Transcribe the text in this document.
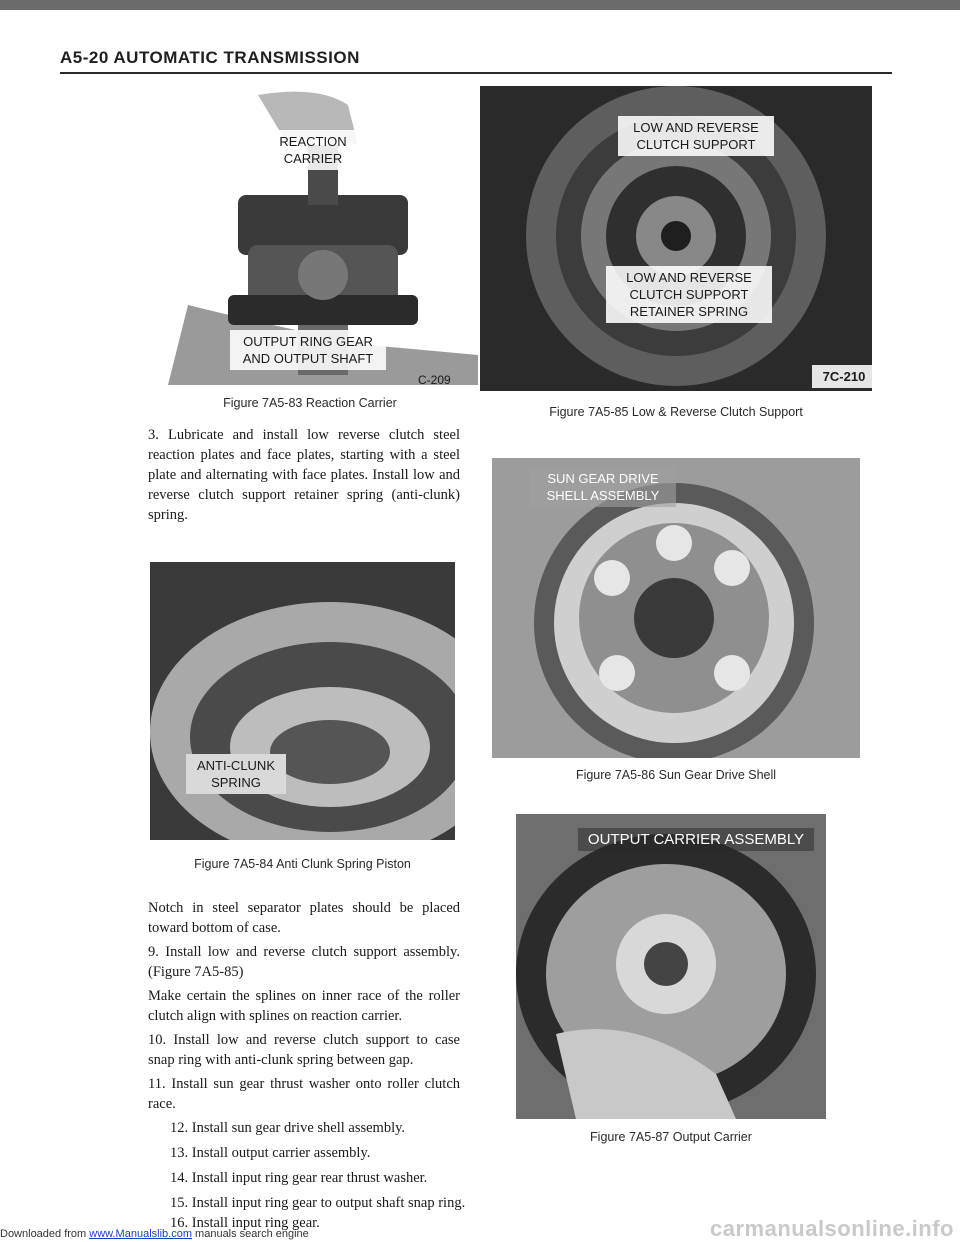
A5-20 AUTOMATIC TRANSMISSION
REACTION CARRIER
OUTPUT RING GEAR AND OUTPUT SHAFT
C-209
Figure 7A5-83 Reaction Carrier
LOW AND REVERSE CLUTCH SUPPORT
LOW AND REVERSE CLUTCH SUPPORT RETAINER SPRING
7C-210
Figure 7A5-85 Low & Reverse Clutch Support
3. Lubricate and install low reverse clutch steel reaction plates and face plates, starting with a steel plate and alternating with face plates. Install low and reverse clutch support retainer spring (anti-clunk) spring.
ANTI-CLUNK SPRING
Figure 7A5-84 Anti Clunk Spring Piston
Notch in steel separator plates should be placed toward bottom of case.
9. Install low and reverse clutch support assembly. (Figure 7A5-85)
Make certain the splines on inner race of the roller clutch align with splines on reaction carrier.
10. Install low and reverse clutch support to case snap ring with anti-clunk spring between gap.
11. Install sun gear thrust washer onto roller clutch race.
12. Install sun gear drive shell assembly.
13. Install output carrier assembly.
14. Install input ring gear rear thrust washer.
15. Install input ring gear to output shaft snap ring.
16. Install input ring gear.
SUN GEAR DRIVE SHELL ASSEMBLY
Figure 7A5-86 Sun Gear Drive Shell
OUTPUT CARRIER ASSEMBLY
Figure 7A5-87 Output Carrier
Downloaded from www.Manualslib.com manuals search engine	carmanualsonline.info
